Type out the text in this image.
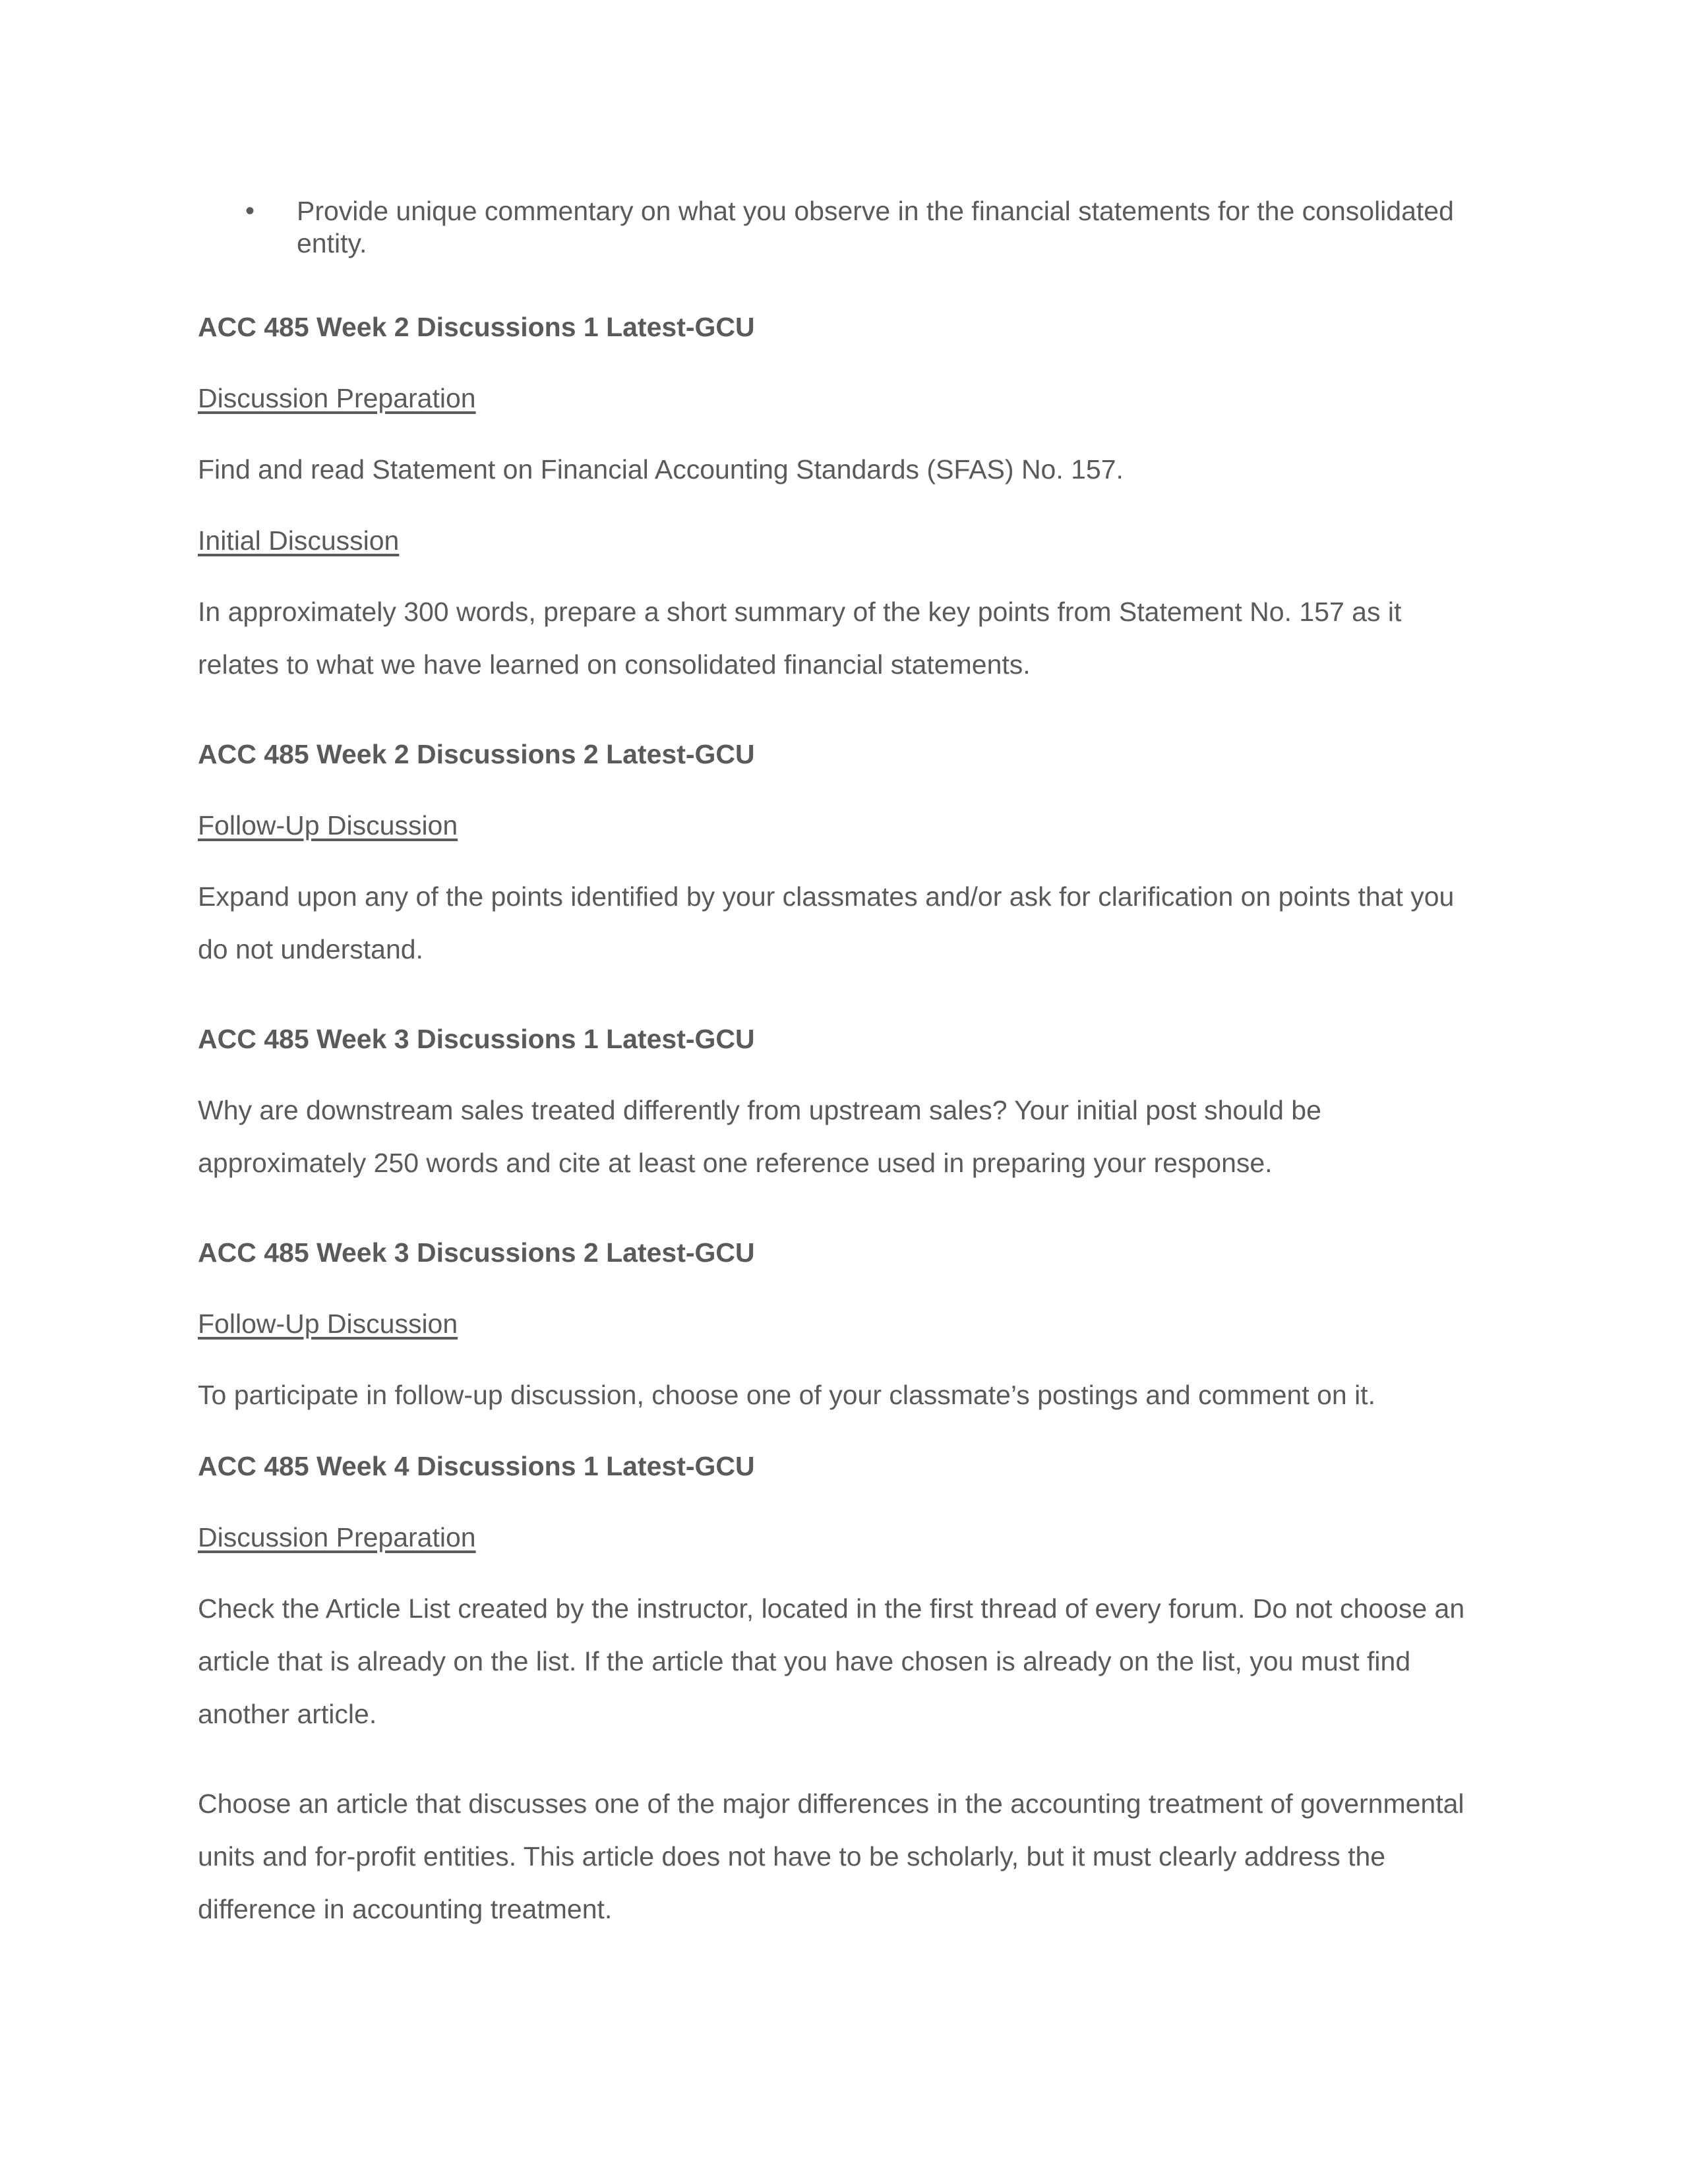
• Provide unique commentary on what you observe in the financial statements for the consolidated entity.
ACC 485 Week 2 Discussions 1 Latest-GCU
Discussion Preparation
Find and read Statement on Financial Accounting Standards (SFAS) No. 157.
Initial Discussion
In approximately 300 words, prepare a short summary of the key points from Statement No. 157 as it relates to what we have learned on consolidated financial statements.
ACC 485 Week 2 Discussions 2 Latest-GCU
Follow-Up Discussion
Expand upon any of the points identified by your classmates and/or ask for clarification on points that you do not understand.
ACC 485 Week 3 Discussions 1 Latest-GCU
Why are downstream sales treated differently from upstream sales? Your initial post should be approximately 250 words and cite at least one reference used in preparing your response.
ACC 485 Week 3 Discussions 2 Latest-GCU
Follow-Up Discussion
To participate in follow-up discussion, choose one of your classmate’s postings and comment on it.
ACC 485 Week 4 Discussions 1 Latest-GCU
Discussion Preparation
Check the Article List created by the instructor, located in the first thread of every forum. Do not choose an article that is already on the list. If the article that you have chosen is already on the list, you must find another article.
Choose an article that discusses one of the major differences in the accounting treatment of governmental units and for-profit entities. This article does not have to be scholarly, but it must clearly address the difference in accounting treatment.
